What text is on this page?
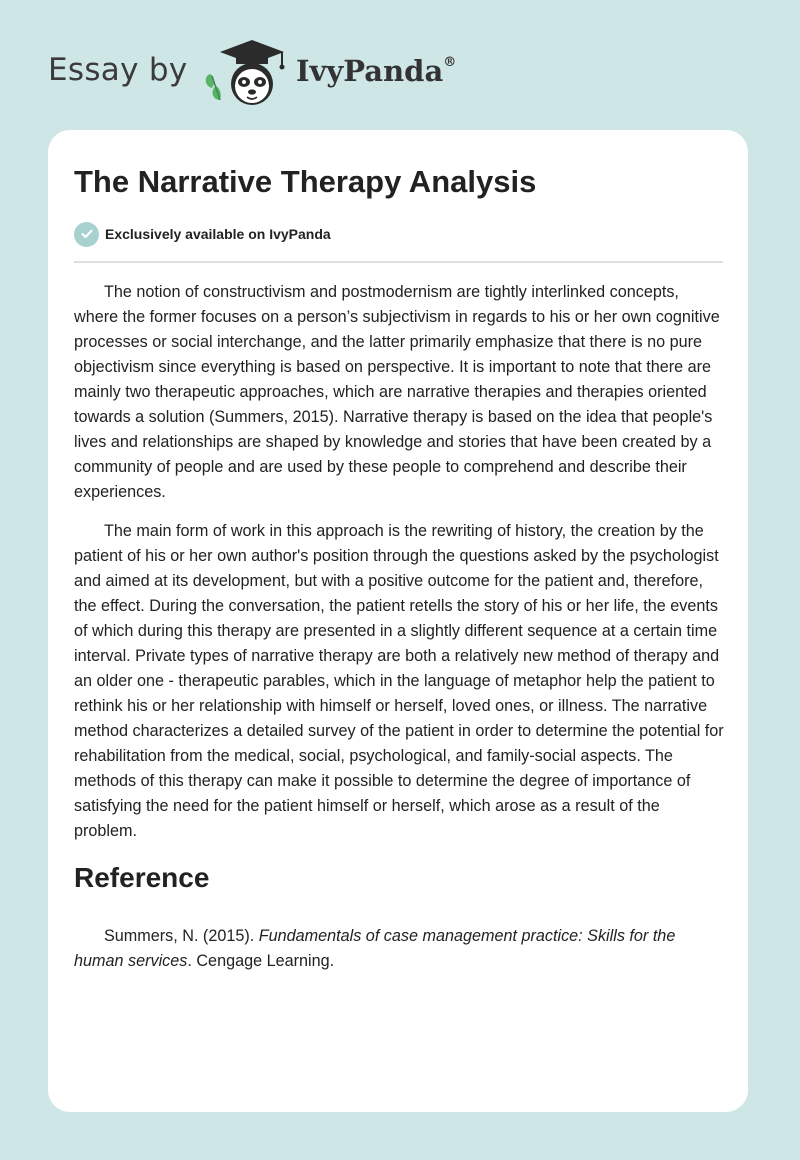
Essay by	IvyPanda®
The Narrative Therapy Analysis
Exclusively available on IvyPanda

The notion of constructivism and postmodernism are tightly interlinked concepts, where the former focuses on a person’s subjectivism in regards to his or her own cognitive processes or social interchange, and the latter primarily emphasize that there is no pure objectivism since everything is based on perspective. It is important to note that there are mainly two therapeutic approaches, which are narrative therapies and therapies oriented towards a solution (Summers, 2015). Narrative therapy is based on the idea that people's lives and relationships are shaped by knowledge and stories that have been created by a community of people and are used by these people to comprehend and describe their experiences.

The main form of work in this approach is the rewriting of history, the creation by the patient of his or her own author's position through the questions asked by the psychologist and aimed at its development, but with a positive outcome for the patient and, therefore, the effect. During the conversation, the patient retells the story of his or her life, the events of which during this therapy are presented in a slightly different sequence at a certain time interval. Private types of narrative therapy are both a relatively new method of therapy and an older one - therapeutic parables, which in the language of metaphor help the patient to rethink his or her relationship with himself or herself, loved ones, or illness. The narrative method characterizes a detailed survey of the patient in order to determine the potential for rehabilitation from the medical, social, psychological, and family-social aspects. The methods of this therapy can make it possible to determine the degree of importance of satisfying the need for the patient himself or herself, which arose as a result of the problem.

Reference

Summers, N. (2015). Fundamentals of case management practice: Skills for the human services. Cengage Learning.
